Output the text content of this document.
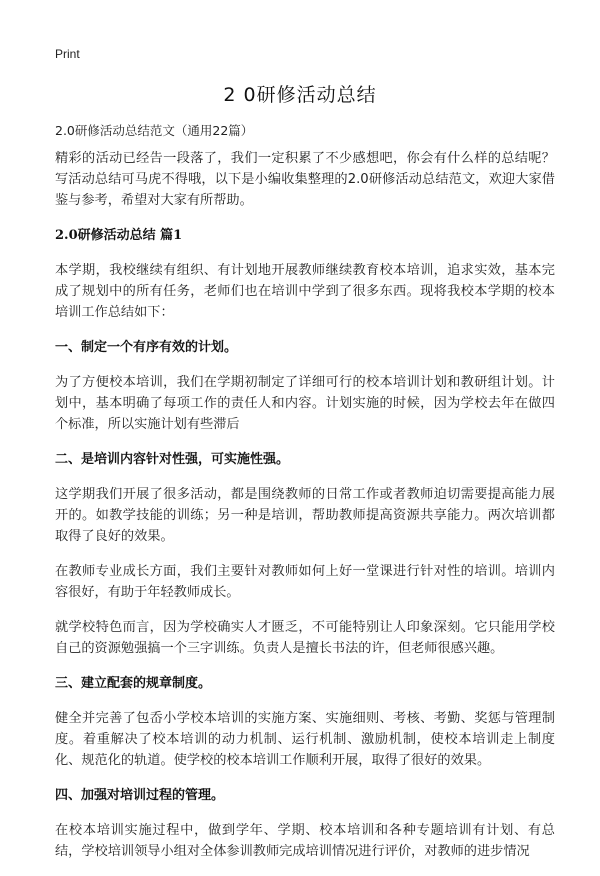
Print
2 0研修活动总结

2.0研修活动总结范文（通用22篇）

精彩的活动已经告一段落了，我们一定积累了不少感想吧，你会有什么样的总结呢？写活动总结可马虎不得哦，以下是小编收集整理的2.0研修活动总结范文，欢迎大家借鉴与参考，希望对大家有所帮助。

2.0研修活动总结 篇1

本学期，我校继续有组织、有计划地开展教师继续教育校本培训，追求实效，基本完成了规划中的所有任务，老师们也在培训中学到了很多东西。现将我校本学期的校本培训工作总结如下：

一、制定一个有序有效的计划。

为了方便校本培训，我们在学期初制定了详细可行的校本培训计划和教研组计划。计划中，基本明确了每项工作的责任人和内容。计划实施的时候，因为学校去年在做四个标准，所以实施计划有些滞后

二、是培训内容针对性强，可实施性强。

这学期我们开展了很多活动，都是围绕教师的日常工作或者教师迫切需要提高能力展开的。如教学技能的训练；另一种是培训，帮助教师提高资源共享能力。两次培训都取得了良好的效果。

在教师专业成长方面，我们主要针对教师如何上好一堂课进行针对性的培训。培训内容很好，有助于年轻教师成长。

就学校特色而言，因为学校确实人才匮乏，不可能特别让人印象深刻。它只能用学校自己的资源勉强搞一个三字训练。负责人是擅长书法的许，但老师很感兴趣。

三、建立配套的规章制度。

健全并完善了包岙小学校本培训的实施方案、实施细则、考核、考勤、奖惩与管理制度。着重解决了校本培训的动力机制、运行机制、激励机制，使校本培训走上制度化、规范化的轨道。使学校的校本培训工作顺利开展，取得了很好的效果。

四、加强对培训过程的管理。

在校本培训实施过程中，做到学年、学期、校本培训和各种专题培训有计划、有总结，学校培训领导小组对全体参训教师完成培训情况进行评价，对教师的进步情况
